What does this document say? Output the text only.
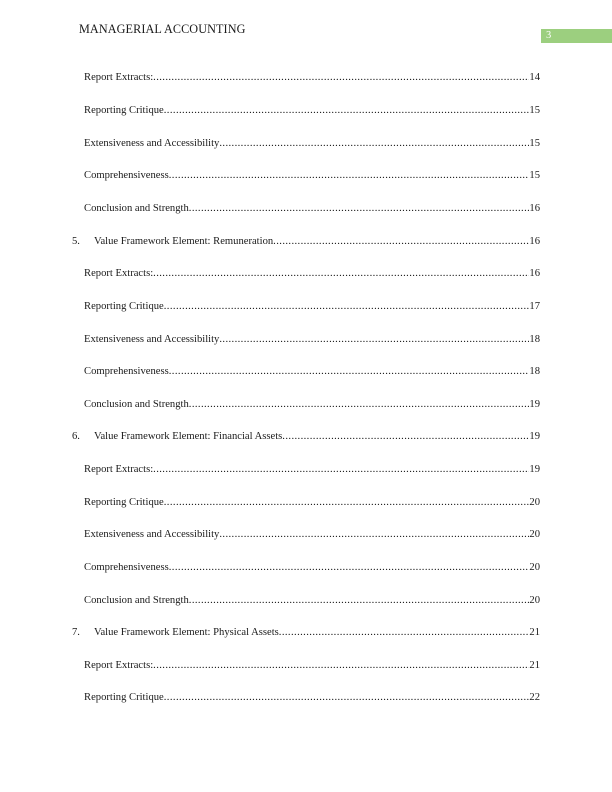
MANAGERIAL ACCOUNTING	3
Report Extracts: .....	14
Reporting Critique .....	15
Extensiveness and Accessibility .....	15
Comprehensiveness .....	15
Conclusion and Strength .....	16
5.	Value Framework Element: Remuneration .....	16
Report Extracts: .....	16
Reporting Critique .....	17
Extensiveness and Accessibility .....	18
Comprehensiveness .....	18
Conclusion and Strength .....	19
6.	Value Framework Element: Financial Assets .....	19
Report Extracts: .....	19
Reporting Critique .....	20
Extensiveness and Accessibility .....	20
Comprehensiveness .....	20
Conclusion and Strength .....	20
7.	Value Framework Element: Physical Assets .....	21
Report Extracts: .....	21
Reporting Critique .....	22
